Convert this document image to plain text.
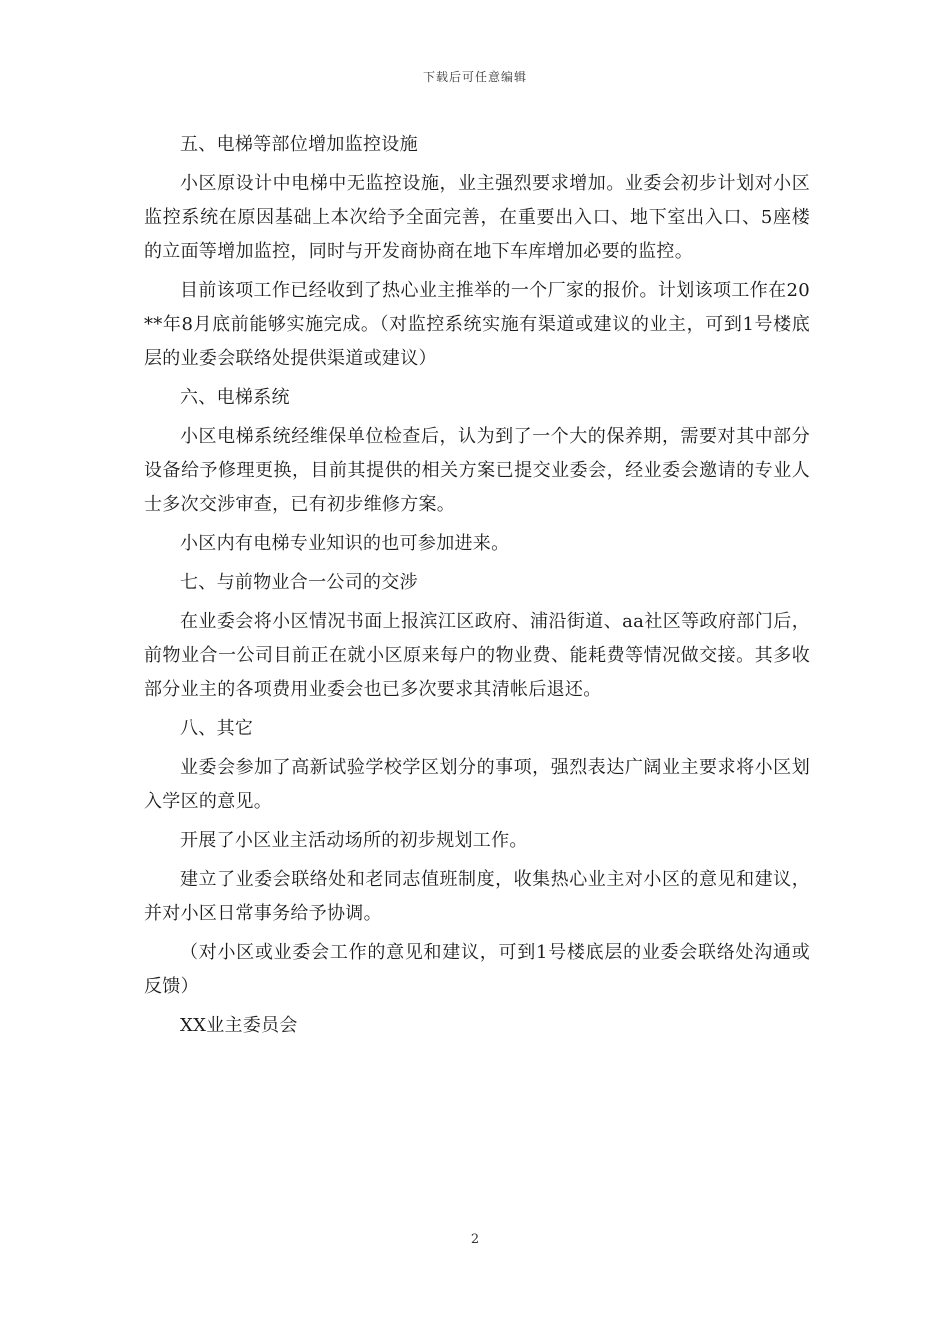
下载后可任意编辑

五、电梯等部位增加监控设施

小区原设计中电梯中无监控设施，业主强烈要求增加。业委会初步计划对小区监控系统在原因基础上本次给予全面完善，在重要出入口、地下室出入口、5座楼的立面等增加监控，同时与开发商协商在地下车库增加必要的监控。

目前该项工作已经收到了热心业主推举的一个厂家的报价。计划该项工作在20**年8月底前能够实施完成。（对监控系统实施有渠道或建议的业主，可到1号楼底层的业委会联络处提供渠道或建议）

六、电梯系统

小区电梯系统经维保单位检查后，认为到了一个大的保养期，需要对其中部分设备给予修理更换，目前其提供的相关方案已提交业委会，经业委会邀请的专业人士多次交涉审查，已有初步维修方案。

小区内有电梯专业知识的也可参加进来。

七、与前物业合一公司的交涉

在业委会将小区情况书面上报滨江区政府、浦沿街道、aa社区等政府部门后，前物业合一公司目前正在就小区原来每户的物业费、能耗费等情况做交接。其多收部分业主的各项费用业委会也已多次要求其清帐后退还。

八、其它

业委会参加了高新试验学校学区划分的事项，强烈表达广阔业主要求将小区划入学区的意见。

开展了小区业主活动场所的初步规划工作。

建立了业委会联络处和老同志值班制度，收集热心业主对小区的意见和建议，并对小区日常事务给予协调。

（对小区或业委会工作的意见和建议，可到1号楼底层的业委会联络处沟通或反馈）

XX业主委员会

2
